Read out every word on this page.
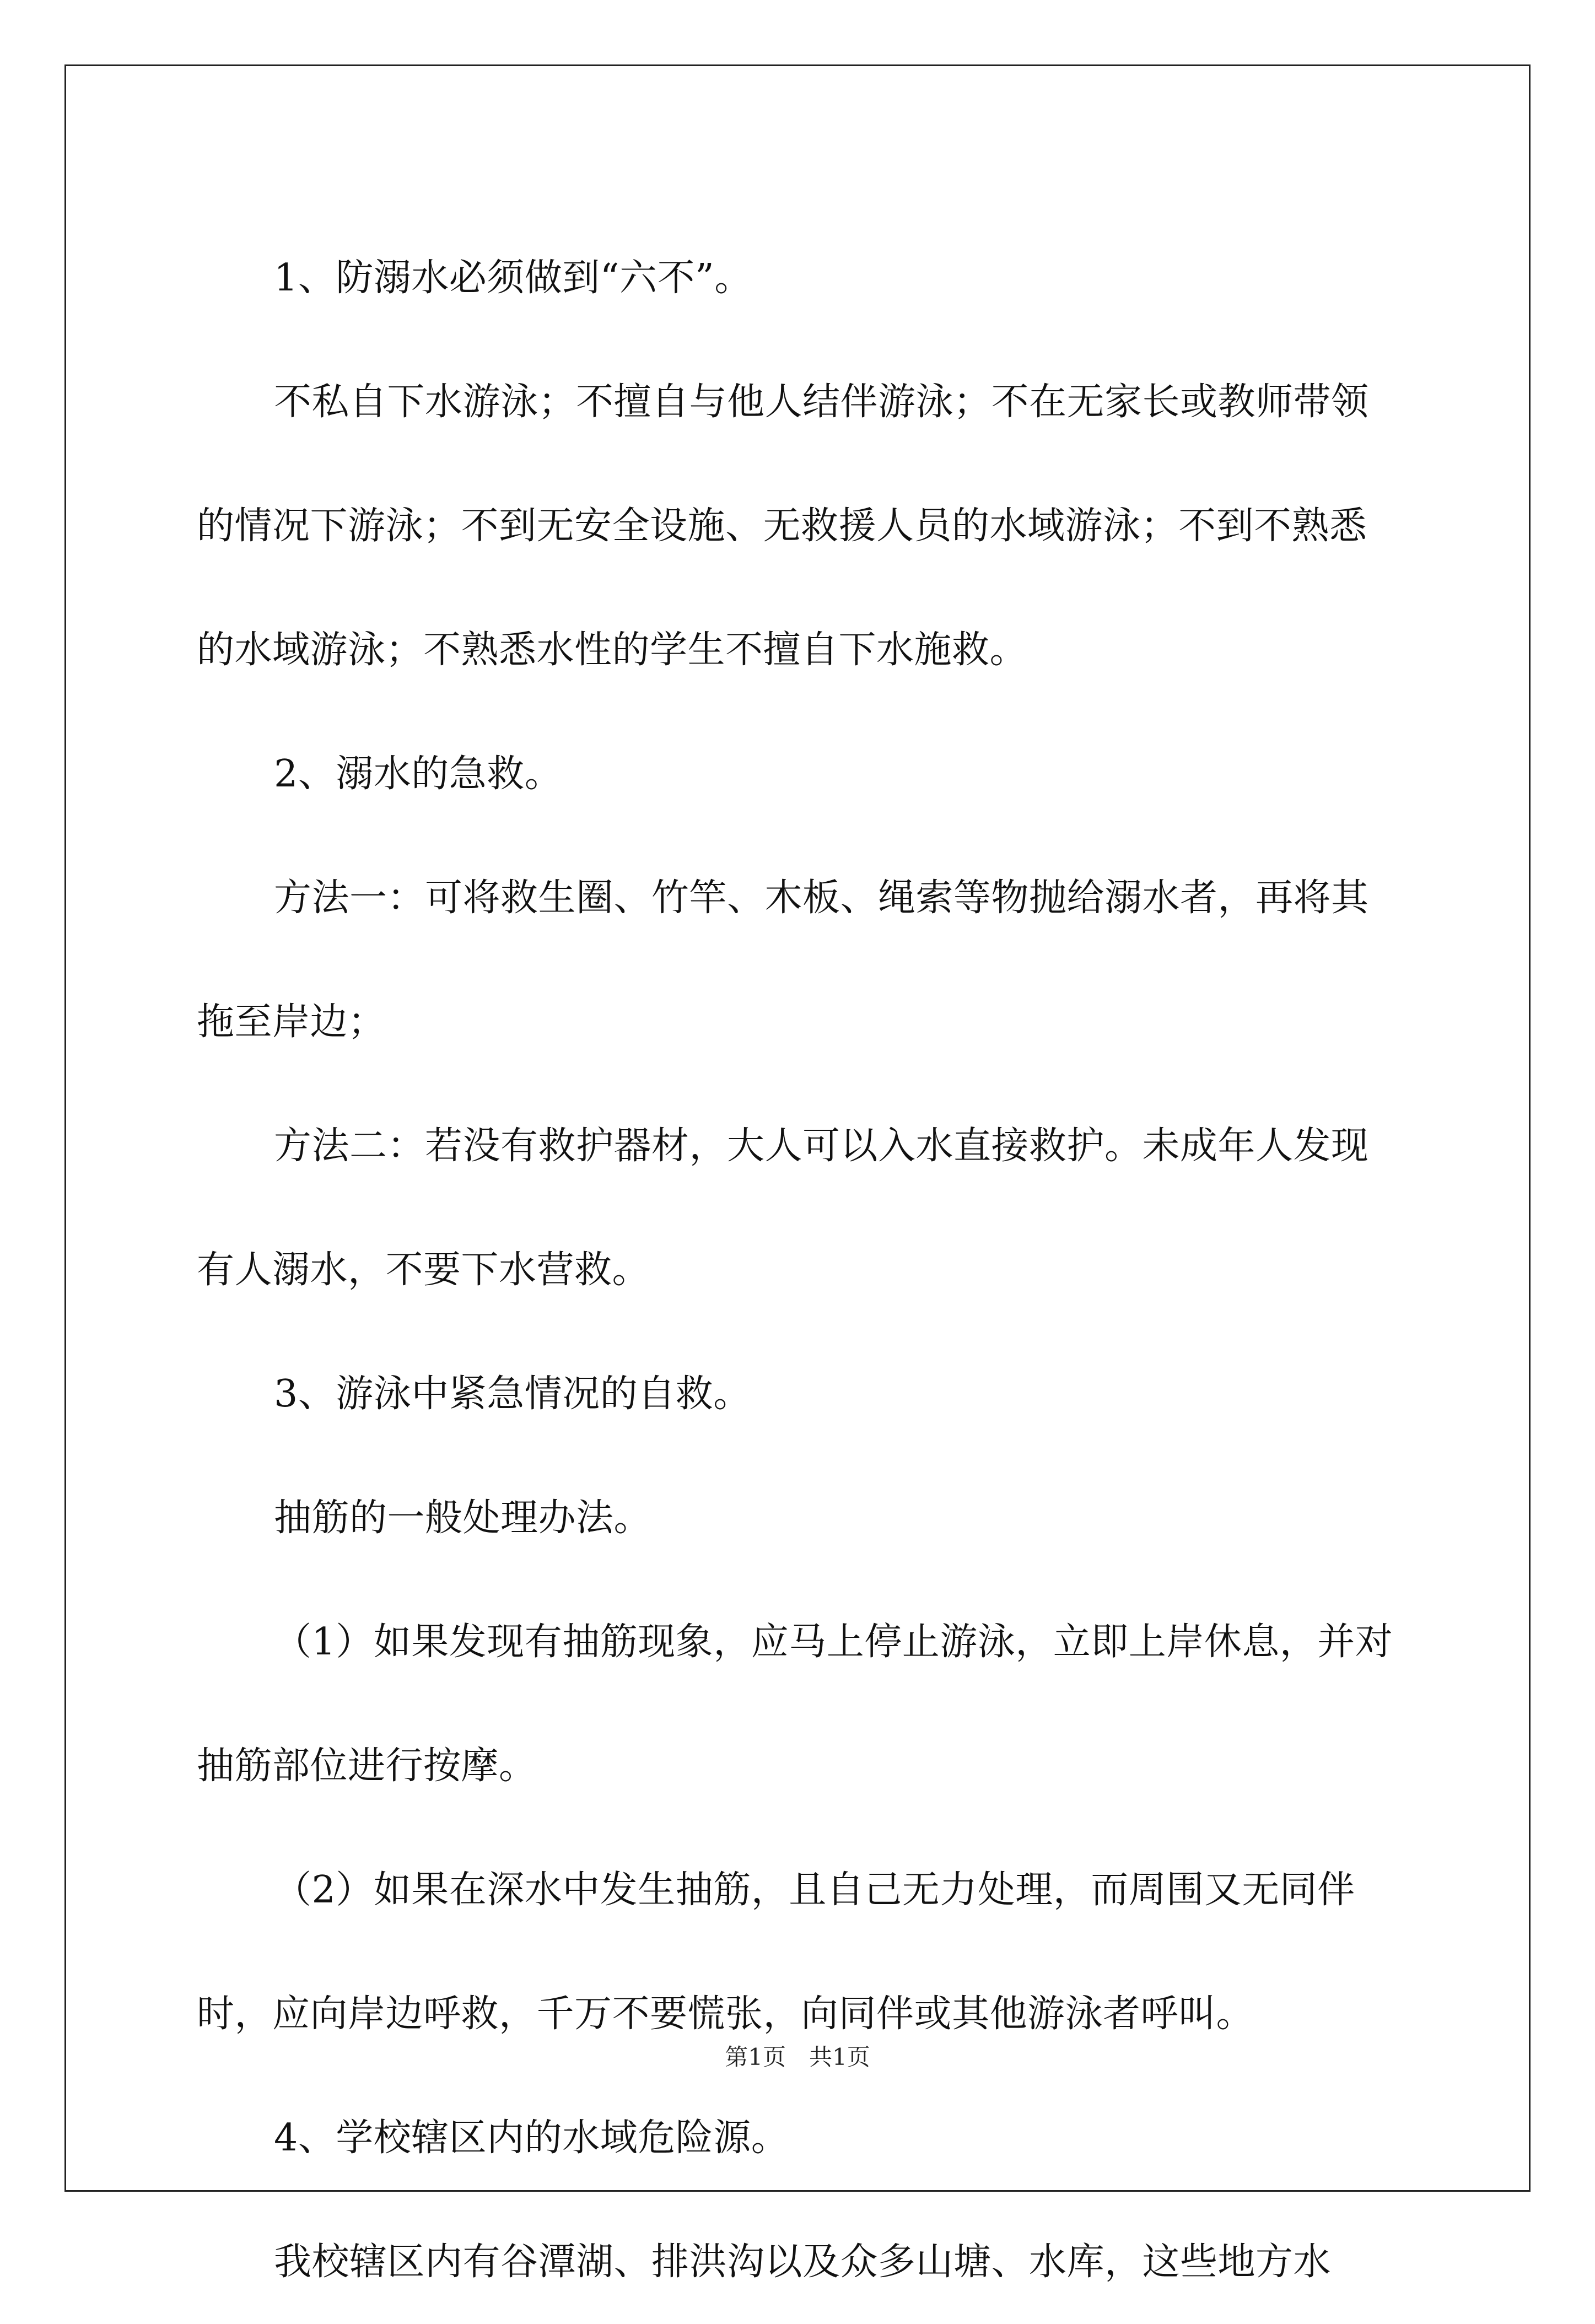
1、防溺水必须做到“六不”。

不私自下水游泳；不擅自与他人结伴游泳；不在无家长或教师带领的情况下游泳；不到无安全设施、无救援人员的水域游泳；不到不熟悉的水域游泳；不熟悉水性的学生不擅自下水施救。

2、溺水的急救。

方法一：可将救生圈、竹竿、木板、绳索等物抛给溺水者，再将其拖至岸边；

方法二：若没有救护器材，大人可以入水直接救护。未成年人发现有人溺水，不要下水营救。

3、游泳中紧急情况的自救。

抽筋的一般处理办法。

（1）如果发现有抽筋现象，应马上停止游泳，立即上岸休息，并对抽筋部位进行按摩。

（2）如果在深水中发生抽筋，且自己无力处理，而周围又无同伴时，应向岸边呼救，千万不要慌张，向同伴或其他游泳者呼叫。

4、学校辖区内的水域危险源。

我校辖区内有谷潭湖、排洪沟以及众多山塘、水库，这些地方水

第1页　共1页
